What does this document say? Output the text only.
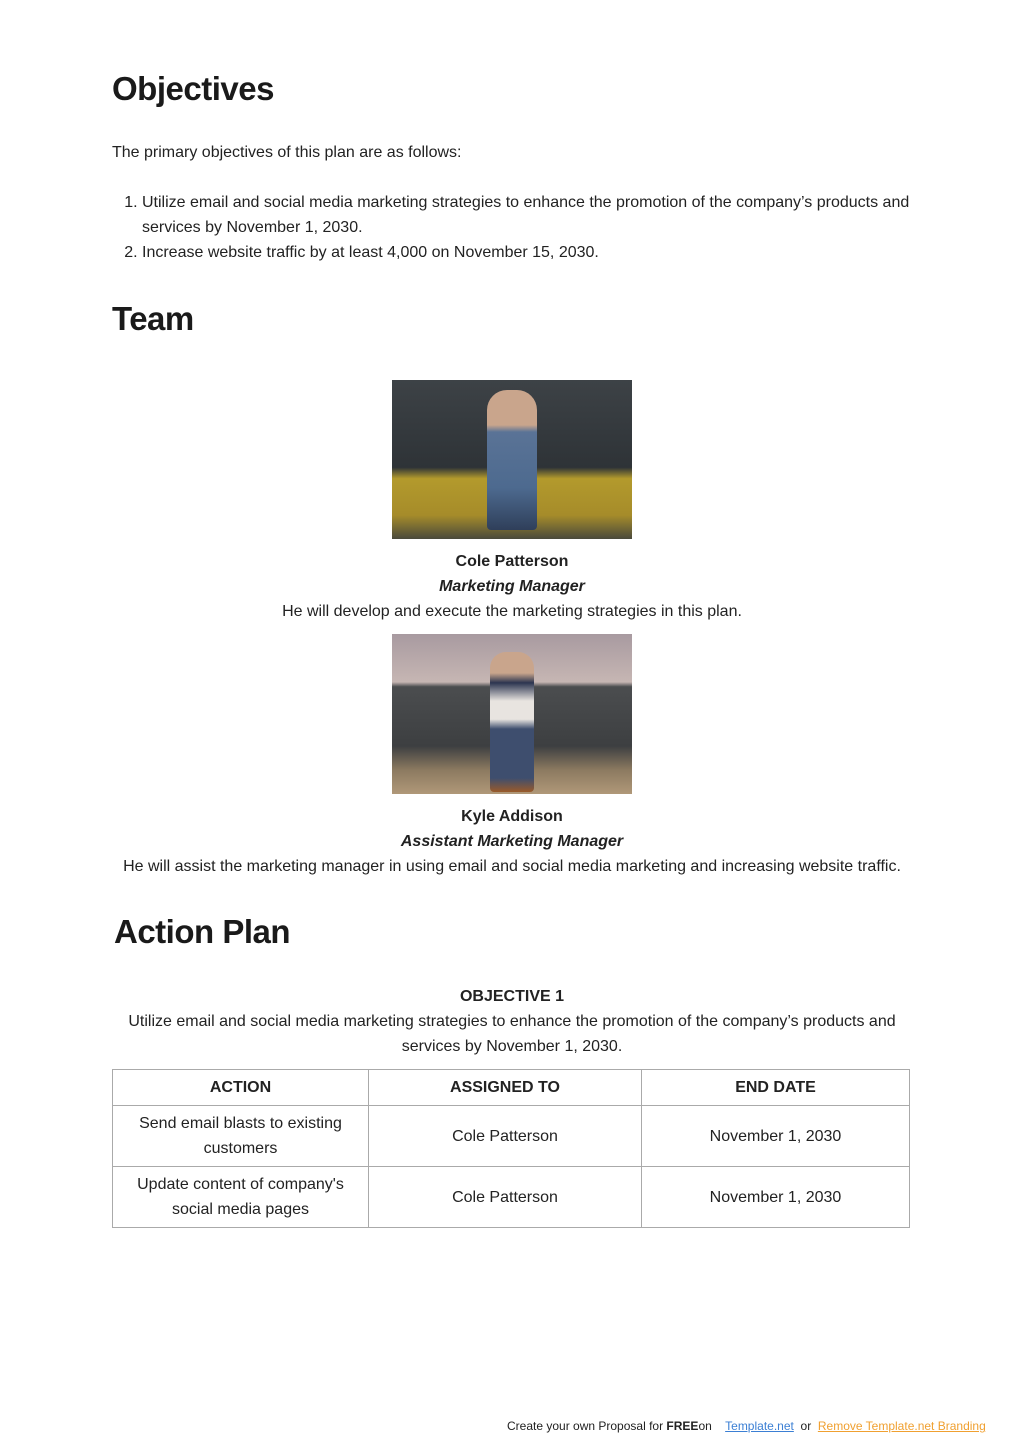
Objectives

The primary objectives of this plan are as follows:

1. Utilize email and social media marketing strategies to enhance the promotion of the company’s products and services by November 1, 2030.
2. Increase website traffic by at least 4,000 on November 15, 2030.
Team

Cole Patterson

Marketing Manager

He will develop and execute the marketing strategies in this plan.

Kyle Addison

Assistant Marketing Manager

He will assist the marketing manager in using email and social media marketing and increasing website traffic.

Action Plan

OBJECTIVE 1

Utilize email and social media marketing strategies to enhance the promotion of the company’s products and services by November 1, 2030.

ACTION	ASSIGNED TO	END DATE
Send email blasts to existing customers	Cole Patterson	November 1, 2030
Update content of company's social media pages	Cole Patterson	November 1, 2030
Create your own Proposal for FREEon Template.net or Remove Template.net Branding
